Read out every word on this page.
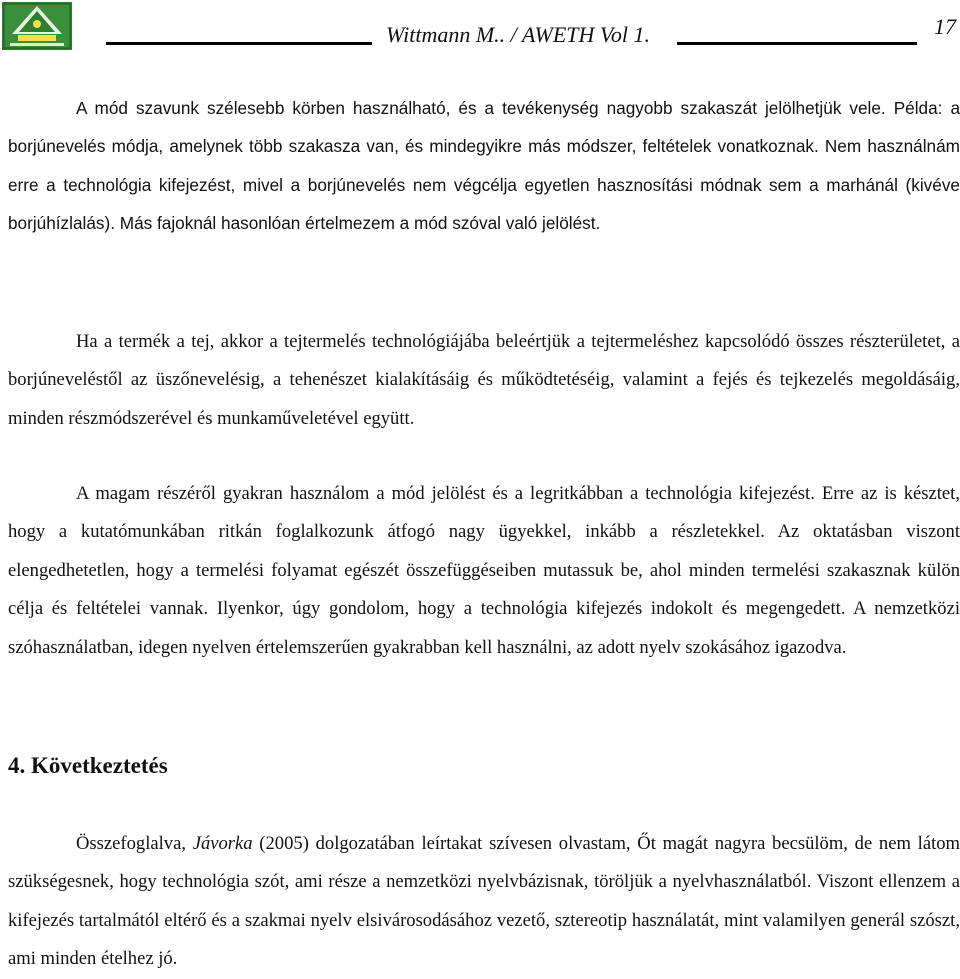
Wittmann M.. / AWETH Vol 1.	17

A mód szavunk szélesebb körben használható, és a tevékenység nagyobb szakaszát jelölhetjük vele. Példa: a borjúnevelés módja, amelynek több szakasza van, és mindegyikre más módszer, feltételek vonatkoznak. Nem használnám erre a technológia kifejezést, mivel a borjúnevelés nem végcélja egyetlen hasznosítási módnak sem a marhánál (kivéve borjúhízlalás). Más fajoknál hasonlóan értelmezem a mód szóval való jelölést.

Ha a termék a tej, akkor a tejtermelés technológiájába beleértjük a tejtermeléshez kapcsolódó összes részterületet, a borjúneveléstől az üszőnevelésig, a tehenészet kialakításáig és működtetéséig, valamint a fejés és tejkezelés megoldásáig, minden részmódszerével és munkaműveletével együtt.

A magam részéről gyakran használom a mód jelölést és a legritkábban a technológia kifejezést. Erre az is késztet, hogy a kutatómunkában ritkán foglalkozunk átfogó nagy ügyekkel, inkább a részletekkel. Az oktatásban viszont elengedhetetlen, hogy a termelési folyamat egészét összefüggéseiben mutassuk be, ahol minden termelési szakasznak külön célja és feltételei vannak. Ilyenkor, úgy gondolom, hogy a technológia kifejezés indokolt és megengedett. A nemzetközi szóhasználatban, idegen nyelven értelemszerűen gyakrabban kell használni, az adott nyelv szokásához igazodva.

4. Következtetés

Összefoglalva, Jávorka (2005) dolgozatában leírtakat szívesen olvastam, Őt magát nagyra becsülöm, de nem látom szükségesnek, hogy technológia szót, ami része a nemzetközi nyelvbázisnak, töröljük a nyelvhasználatból. Viszont ellenzem a kifejezés tartalmától eltérő és a szakmai nyelv elsivárosodásához vezető, sztereotip használatát, mint valamilyen generál szószt, ami minden ételhez jó.
